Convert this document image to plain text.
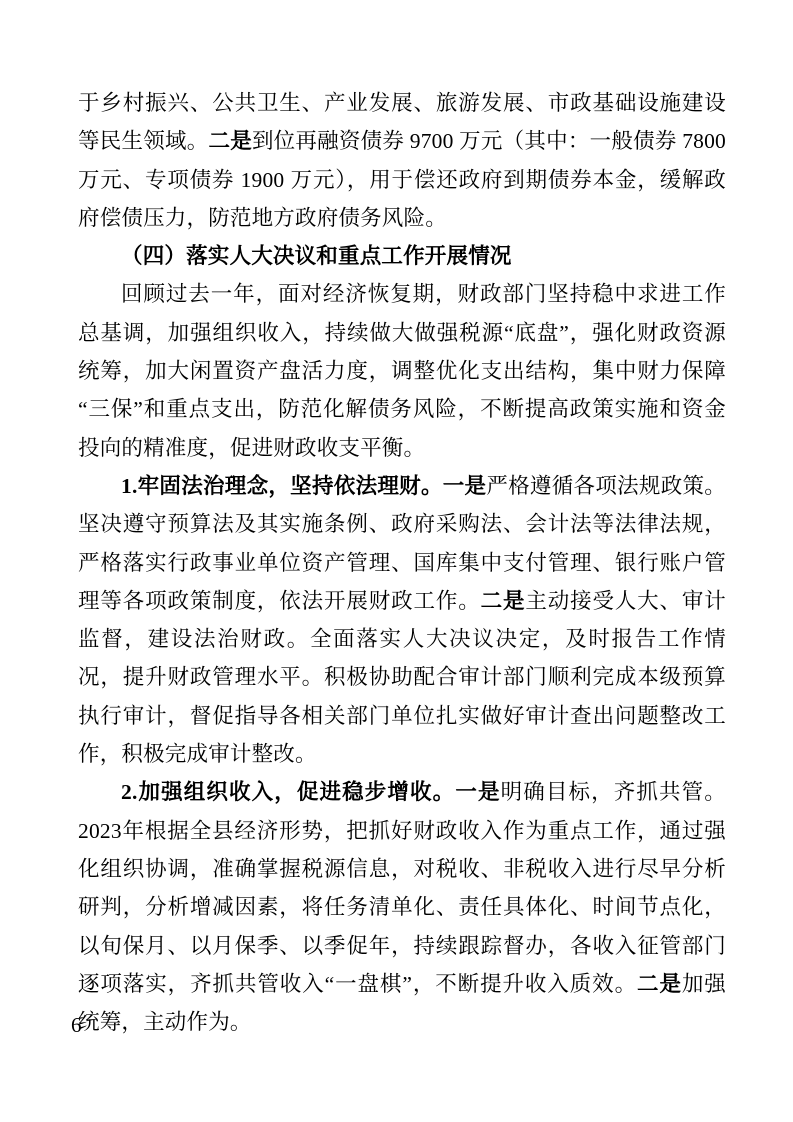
于乡村振兴、公共卫生、产业发展、旅游发展、市政基础设施建设等民生领域。二是到位再融资债券 9700 万元（其中：一般债券 7800 万元、专项债券 1900 万元），用于偿还政府到期债券本金，缓解政府偿债压力，防范地方政府债务风险。

（四）落实人大决议和重点工作开展情况

回顾过去一年，面对经济恢复期，财政部门坚持稳中求进工作总基调，加强组织收入，持续做大做强税源“底盘”，强化财政资源统筹，加大闲置资产盘活力度，调整优化支出结构，集中财力保障“三保”和重点支出，防范化解债务风险，不断提高政策实施和资金投向的精准度，促进财政收支平衡。

1.牢固法治理念，坚持依法理财。一是严格遵循各项法规政策。坚决遵守预算法及其实施条例、政府采购法、会计法等法律法规，严格落实行政事业单位资产管理、国库集中支付管理、银行账户管理等各项政策制度，依法开展财政工作。二是主动接受人大、审计监督，建设法治财政。全面落实人大决议决定，及时报告工作情况，提升财政管理水平。积极协助配合审计部门顺利完成本级预算执行审计，督促指导各相关部门单位扎实做好审计查出问题整改工作，积极完成审计整改。

2.加强组织收入，促进稳步增收。一是明确目标，齐抓共管。2023年根据全县经济形势，把抓好财政收入作为重点工作，通过强化组织协调，准确掌握税源信息，对税收、非税收入进行尽早分析研判，分析增减因素，将任务清单化、责任具体化、时间节点化，以旬保月、以月保季、以季促年，持续跟踪督办，各收入征管部门逐项落实，齐抓共管收入“一盘棋”，不断提升收入质效。二是加强统筹，主动作为。

6
